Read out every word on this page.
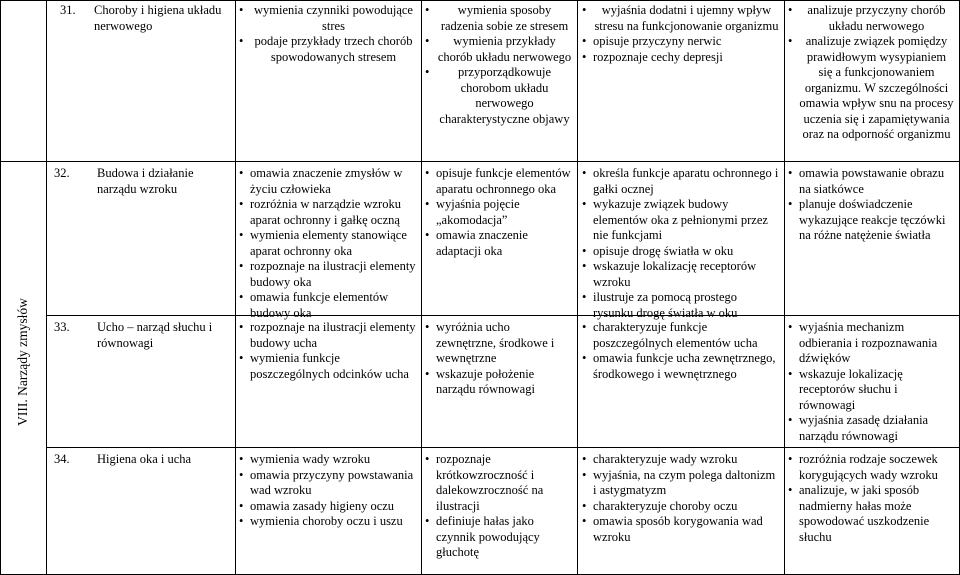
VIII. Narządy zmysłów
31. Choroby i higiena układu nerwowego
• wymienia czynniki powodujące stres
• podaje przykłady trzech chorób spowodowanych stresem
• wymienia sposoby radzenia sobie ze stresem
• wymienia przykłady chorób układu nerwowego
• przyporządkowuje chorobom układu nerwowego charakterystyczne objawy
• wyjaśnia dodatni i ujemny wpływ stresu na funkcjonowanie organizmu
• opisuje przyczyny nerwic
• rozpoznaje cechy depresji
• analizuje przyczyny chorób układu nerwowego
• analizuje związek pomiędzy prawidłowym wysypianiem się a funkcjonowaniem organizmu. W szczególności omawia wpływ snu na procesy uczenia się i zapamiętywania oraz na odporność organizmu
32. Budowa i działanie narządu wzroku
• omawia znaczenie zmysłów w życiu człowieka
• rozróżnia w narządzie wzroku aparat ochronny i gałkę oczną
• wymienia elementy stanowiące aparat ochronny oka
• rozpoznaje na ilustracji elementy budowy oka
• omawia funkcje elementów budowy oka
• opisuje funkcje elementów aparatu ochronnego oka
• wyjaśnia pojęcie „akomodacja”
• omawia znaczenie adaptacji oka
• określa funkcje aparatu ochronnego i gałki ocznej
• wykazuje związek budowy elementów oka z pełnionymi przez nie funkcjami
• opisuje drogę światła w oku
• wskazuje lokalizację receptorów wzroku
• ilustruje za pomocą prostego rysunku drogę światła w oku
• omawia powstawanie obrazu na siatkówce
• planuje doświadczenie wykazujące reakcje tęczówki na różne natężenie światła
33. Ucho – narząd słuchu i równowagi
• rozpoznaje na ilustracji elementy budowy ucha
• wymienia funkcje poszczególnych odcinków ucha
• wyróżnia ucho zewnętrzne, środkowe i wewnętrzne
• wskazuje położenie narządu równowagi
• charakteryzuje funkcje poszczególnych elementów ucha
• omawia funkcje ucha zewnętrznego, środkowego i wewnętrznego
• wyjaśnia mechanizm odbierania i rozpoznawania dźwięków
• wskazuje lokalizację receptorów słuchu i równowagi
• wyjaśnia zasadę działania narządu równowagi
34. Higiena oka i ucha
•	wymienia wady wzroku
• omawia przyczyny powstawania wad wzroku
• omawia zasady higieny oczu
• wymienia choroby oczu i uszu
• rozpoznaje krótkowzroczność i dalekowzroczność na ilustracji
• definiuje hałas jako czynnik powodujący głuchotę
• charakteryzuje wady wzroku
• wyjaśnia, na czym polega daltonizm i astygmatyzm
• charakteryzuje choroby oczu
• omawia sposób korygowania wad wzroku
• rozróżnia rodzaje soczewek korygujących wady wzroku
• analizuje, w jaki sposób nadmierny hałas może spowodować uszkodzenie słuchu
